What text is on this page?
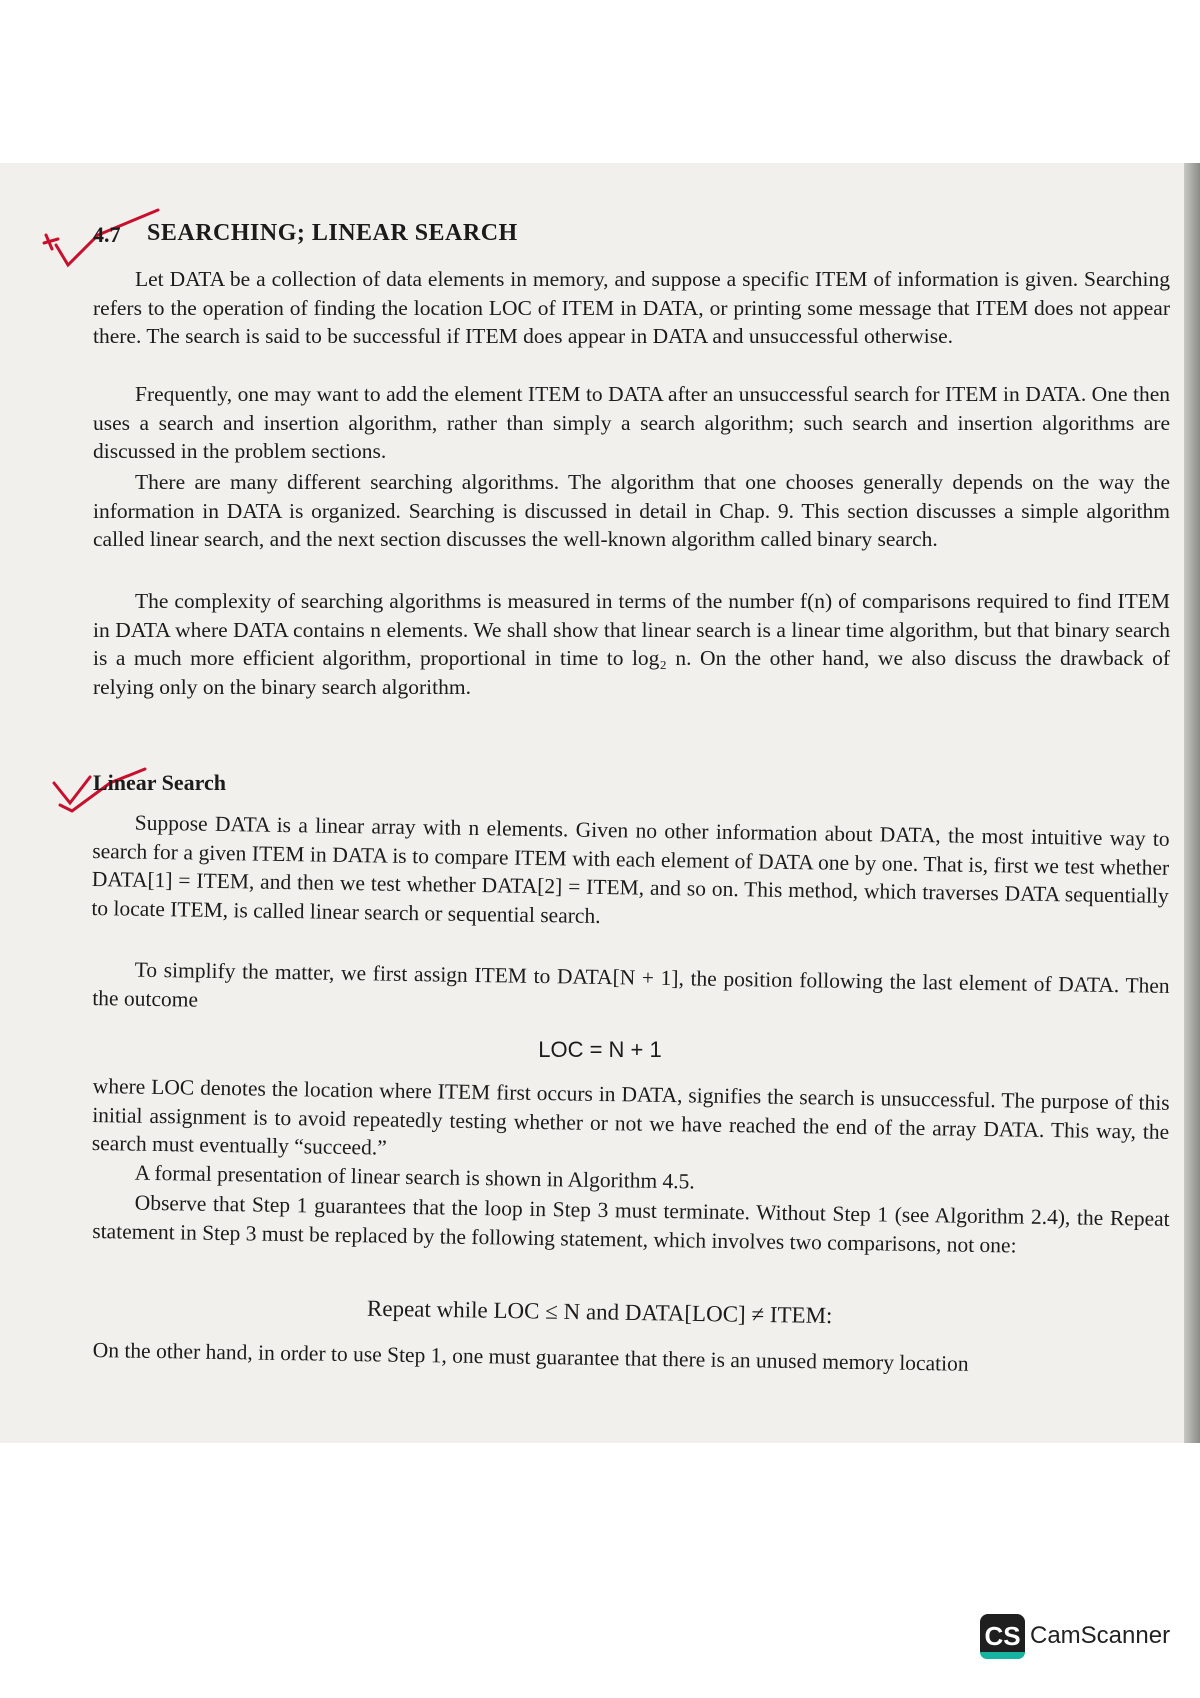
4.7 SEARCHING; LINEAR SEARCH

Let DATA be a collection of data elements in memory, and suppose a specific ITEM of information is given. Searching refers to the operation of finding the location LOC of ITEM in DATA, or printing some message that ITEM does not appear there. The search is said to be successful if ITEM does appear in DATA and unsuccessful otherwise.

Frequently, one may want to add the element ITEM to DATA after an unsuccessful search for ITEM in DATA. One then uses a search and insertion algorithm, rather than simply a search algorithm; such search and insertion algorithms are discussed in the problem sections.

There are many different searching algorithms. The algorithm that one chooses generally depends on the way the information in DATA is organized. Searching is discussed in detail in Chap. 9. This section discusses a simple algorithm called linear search, and the next section discusses the well-known algorithm called binary search.

The complexity of searching algorithms is measured in terms of the number f(n) of comparisons required to find ITEM in DATA where DATA contains n elements. We shall show that linear search is a linear time algorithm, but that binary search is a much more efficient algorithm, proportional in time to log₂ n. On the other hand, we also discuss the drawback of relying only on the binary search algorithm.

Linear Search

Suppose DATA is a linear array with n elements. Given no other information about DATA, the most intuitive way to search for a given ITEM in DATA is to compare ITEM with each element of DATA one by one. That is, first we test whether DATA[1] = ITEM, and then we test whether DATA[2] = ITEM, and so on. This method, which traverses DATA sequentially to locate ITEM, is called linear search or sequential search.

To simplify the matter, we first assign ITEM to DATA[N + 1], the position following the last element of DATA. Then the outcome

LOC = N + 1

where LOC denotes the location where ITEM first occurs in DATA, signifies the search is unsuccessful. The purpose of this initial assignment is to avoid repeatedly testing whether or not we have reached the end of the array DATA. This way, the search must eventually “succeed.”

A formal presentation of linear search is shown in Algorithm 4.5.

Observe that Step 1 guarantees that the loop in Step 3 must terminate. Without Step 1 (see Algorithm 2.4), the Repeat statement in Step 3 must be replaced by the following statement, which involves two comparisons, not one:

Repeat while LOC ≤ N and DATA[LOC] ≠ ITEM:

On the other hand, in order to use Step 1, one must guarantee that there is an unused memory location

CS CamScanner
